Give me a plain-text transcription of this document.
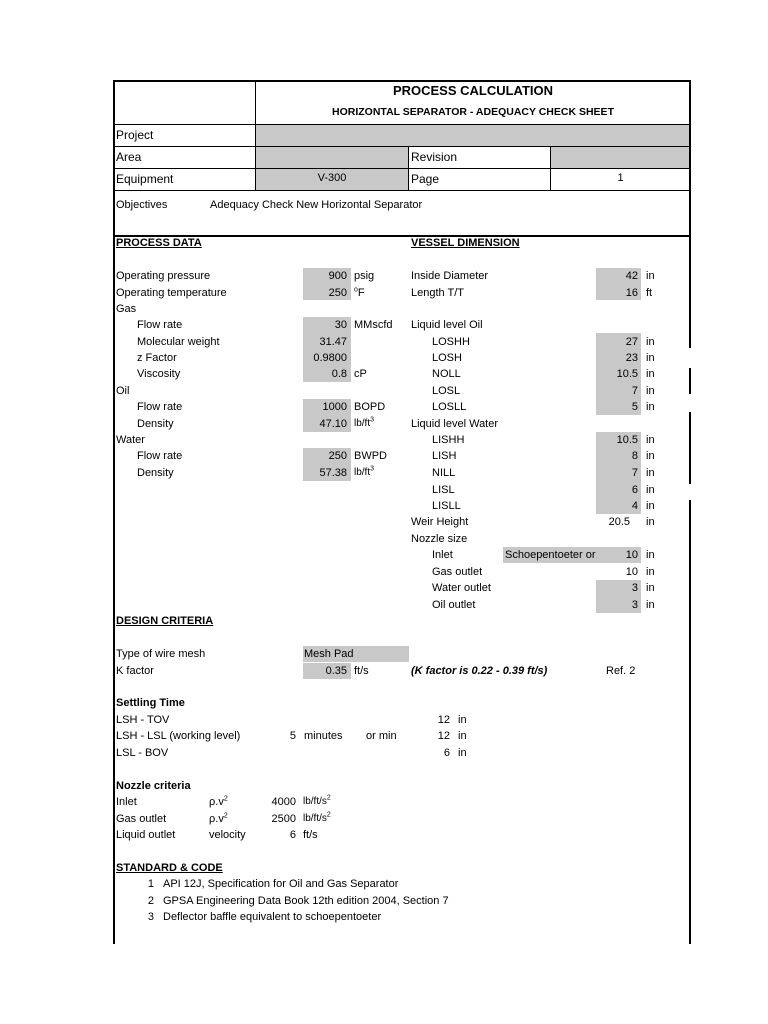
PROCESS CALCULATION
HORIZONTAL SEPARATOR - ADEQUACY CHECK SHEET
Project
Area	Revision
Equipment	V-300	Page	1
Objectives	Adequacy Check New Horizontal Separator
PROCESS DATA
Operating pressure	900 psig
Operating temperature	250 $^o$F
Gas
Flow rate	30 MMscfd
Molecular weight	31.47
z Factor	0.9800
Viscosity	0.8 cP
Oil
Flow rate	1000 BOPD
Density	47.10 $lb/ft^3$
Water
Flow rate	250 BWPD
Density	57.38 $lb/ft^3$
VESSEL DIMENSION
Inside Diameter	42 in
Length T/T	16 ft
Liquid level Oil
LOSHH	27 in
LOSH	23 in
NOLL	10.5 in
LOSL	7 in
LOSLL	5 in
Liquid level Water
LISHH	10.5 in
LISH	8 in
NILL	7 in
LISL	6 in
LISLL	4 in
Weir Height	20.5 in
Nozzle size
Inlet	Schoepentoeter or	10 in
Gas outlet	10 in
Water outlet	3 in
Oil outlet	3 in
DESIGN CRITERIA
Type of wire mesh	Mesh Pad
K factor	0.35 ft/s	(K factor is 0.22 - 0.39 ft/s)	Ref. 2
Settling Time
LSH - TOV	12 in
LSH - LSL (working level)	5 minutes or min	12 in
LSL - BOV	6 in
Nozzle criteria
Inlet	$\rho.v^2$	4000 $lb/ft/s^2$
Gas outlet	$\rho.v^2$	2500 $lb/ft/s^2$
Liquid outlet	velocity	6 ft/s
STANDARD & CODE
1 API 12J, Specification for Oil and Gas Separator
2 GPSA Engineering Data Book 12th edition 2004, Section 7
3 Deflector baffle equivalent to schoepentoeter
